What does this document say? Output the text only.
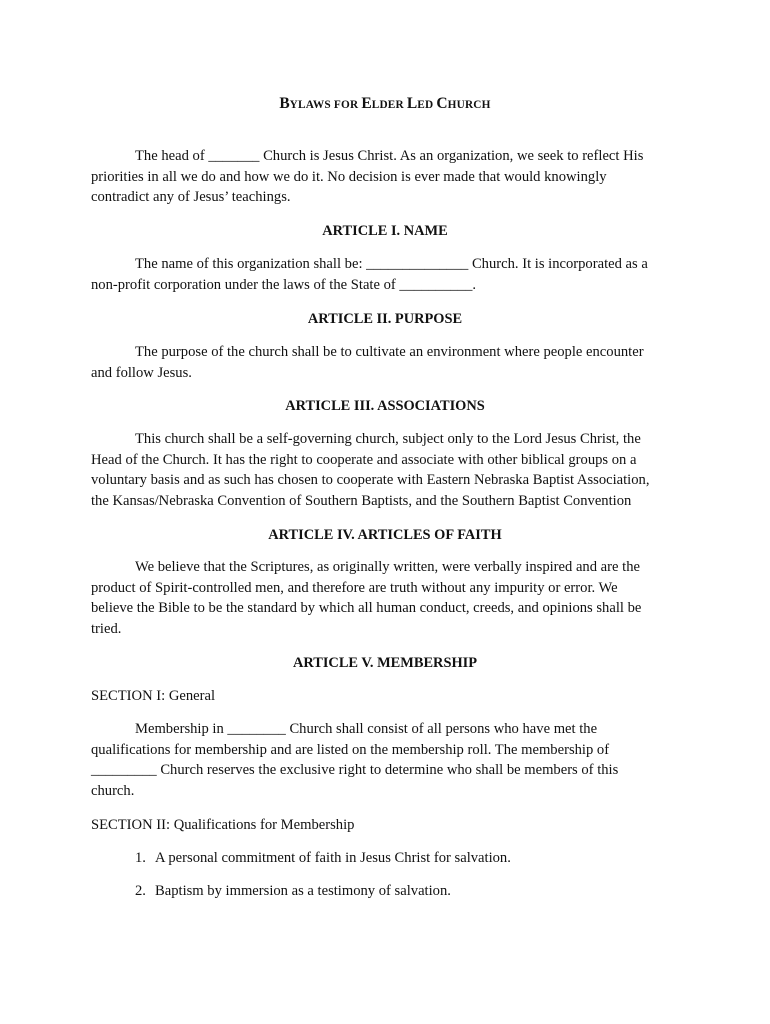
BYLAWS FOR ELDER LED CHURCH

The head of _______ Church is Jesus Christ. As an organization, we seek to reflect His

priorities in all we do and how we do it. No decision is ever made that would knowingly

contradict any of Jesus’ teachings.

ARTICLE I. NAME

The name of this organization shall be: ______________ Church. It is incorporated as a

non-profit corporation under the laws of the State of __________.

ARTICLE II. PURPOSE

The purpose of the church shall be to cultivate an environment where people encounter

and follow Jesus.

ARTICLE III. ASSOCIATIONS

This church shall be a self-governing church, subject only to the Lord Jesus Christ, the

Head of the Church. It has the right to cooperate and associate with other biblical groups on a

voluntary basis and as such has chosen to cooperate with Eastern Nebraska Baptist Association,

the Kansas/Nebraska Convention of Southern Baptists, and the Southern Baptist Convention

ARTICLE IV. ARTICLES OF FAITH

We believe that the Scriptures, as originally written, were verbally inspired and are the

product of Spirit-controlled men, and therefore are truth without any impurity or error. We

believe the Bible to be the standard by which all human conduct, creeds, and opinions shall be

tried.

ARTICLE V. MEMBERSHIP
SECTION I: General

Membership in ________ Church shall consist of all persons who have met the

qualifications for membership and are listed on the membership roll. The membership of

_________ Church reserves the exclusive right to determine who shall be members of this

church.

SECTION II: Qualifications for Membership
1. A personal commitment of faith in Jesus Christ for salvation.
2. Baptism by immersion as a testimony of salvation.
